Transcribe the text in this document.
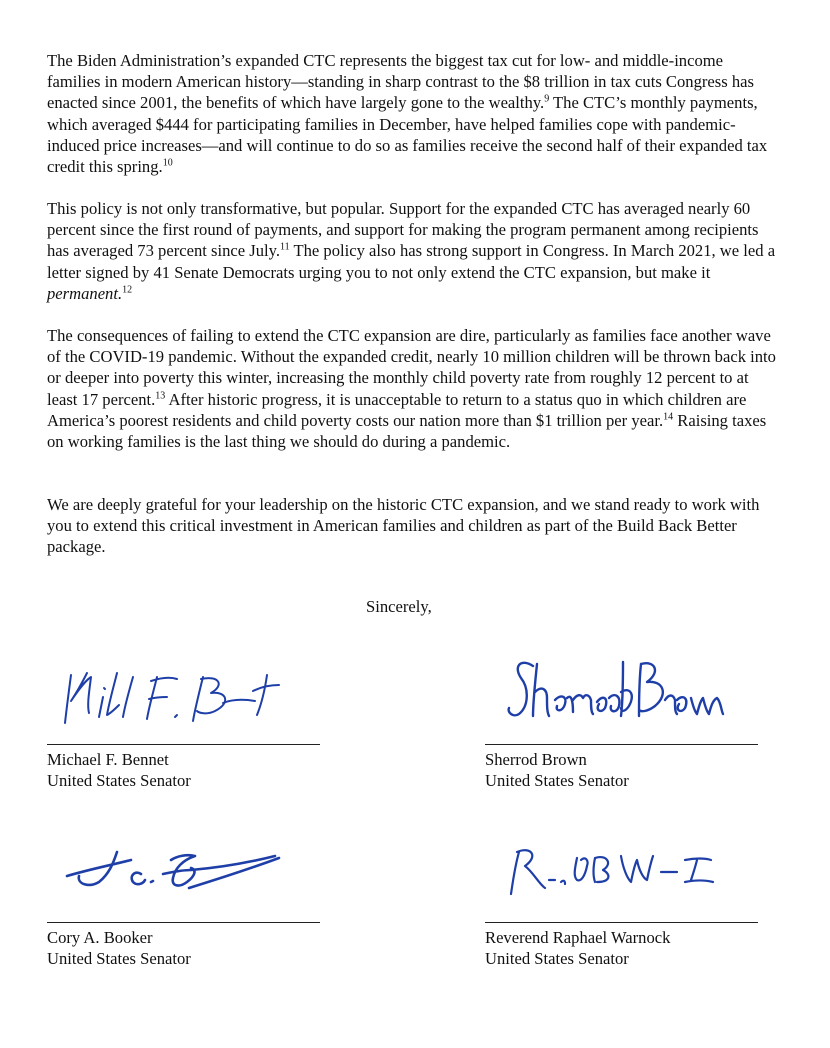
The Biden Administration’s expanded CTC represents the biggest tax cut for low- and middle-income families in modern American history—standing in sharp contrast to the $8 trillion in tax cuts Congress has enacted since 2001, the benefits of which have largely gone to the wealthy.$^9$ The CTC’s monthly payments, which averaged $444 for participating families in December, have helped families cope with pandemic-induced price increases—and will continue to do so as families receive the second half of their expanded tax credit this spring.$^{10}$

This policy is not only transformative, but popular. Support for the expanded CTC has averaged nearly 60 percent since the first round of payments, and support for making the program permanent among recipients has averaged 73 percent since July.$^{11}$ The policy also has strong support in Congress. In March 2021, we led a letter signed by 41 Senate Democrats urging you to not only extend the CTC expansion, but make it permanent.$^{12}$

The consequences of failing to extend the CTC expansion are dire, particularly as families face another wave of the COVID-19 pandemic. Without the expanded credit, nearly 10 million children will be thrown back into or deeper into poverty this winter, increasing the monthly child poverty rate from roughly 12 percent to at least 17 percent.$^{13}$ After historic progress, it is unacceptable to return to a status quo in which children are America’s poorest residents and child poverty costs our nation more than $1 trillion per year.$^{14}$ Raising taxes on working families is the last thing we should do during a pandemic.

We are deeply grateful for your leadership on the historic CTC expansion, and we stand ready to work with you to extend this critical investment in American families and children as part of the Build Back Better package.

Sincerely,
Michael F. Bennet
United States Senator
Sherrod Brown
United States Senator
Cory A. Booker
United States Senator
Reverend Raphael Warnock
United States Senator
